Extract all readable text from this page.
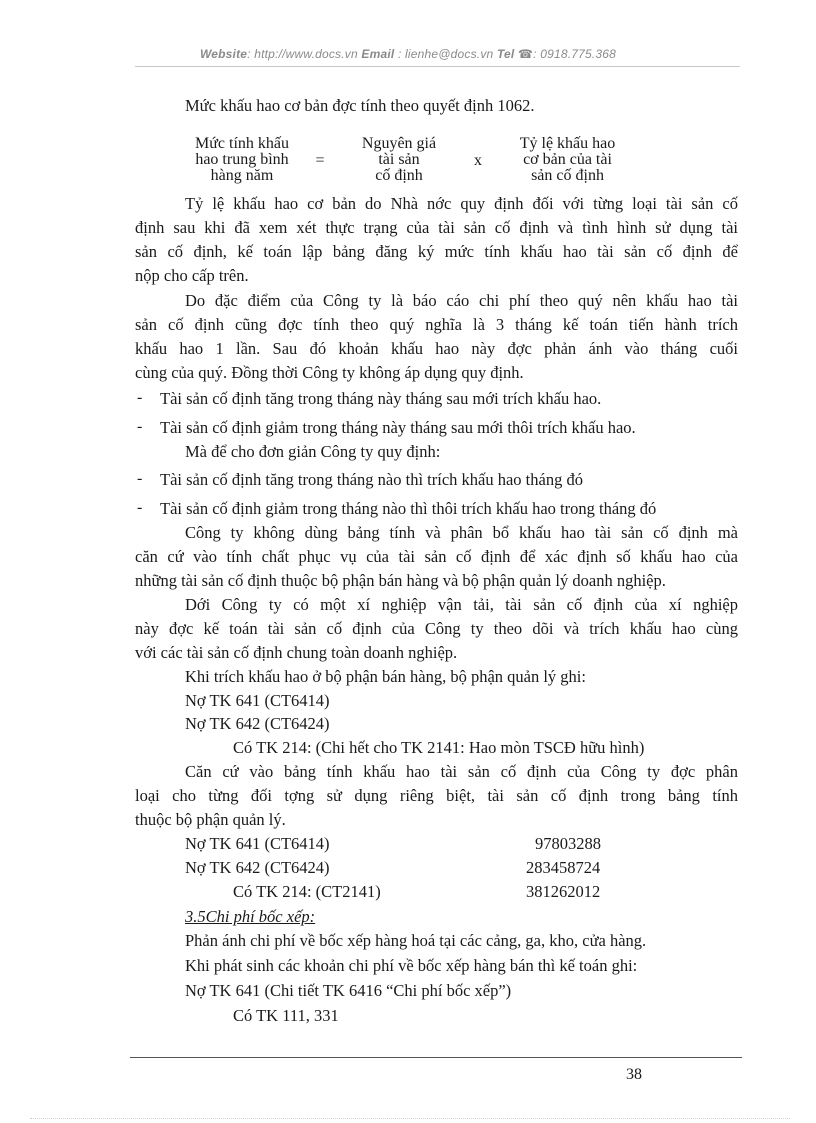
Website: http://www.docs.vn Email : lienhe@docs.vn Tel ☎: 0918.775.368
Mức khấu hao cơ bản đợc tính theo quyết định 1062.
Mức tính khấu
hao trung bình
hàng năm
=
Nguyên giá
tài sản
cố định
x
Tỷ lệ khấu hao
cơ bản của tài
sản cố định
Tỷ lệ khấu hao cơ bản do Nhà nớc quy định đối với từng loại tài sản cố
định sau khi đã xem xét thực trạng của tài sản cố định và tình hình sử dụng tài
sản cố định, kế toán lập bảng đăng ký mức tính khấu hao tài sản cố định để
nộp cho cấp trên.
Do đặc điểm của Công ty là báo cáo chi phí theo quý nên khấu hao tài
sản cố định cũng đợc tính theo quý nghĩa là 3 tháng kế toán tiến hành trích
khấu hao 1 lần. Sau đó khoản khấu hao này đợc phản ánh vào tháng cuối
cùng của quý. Đồng thời Công ty không áp dụng quy định.
- Tài sản cố định tăng trong tháng này tháng sau mới trích khấu hao.
- Tài sản cố định giảm trong tháng này tháng sau mới thôi trích khấu hao.
Mà để cho đơn giản Công ty quy định:
- Tài sản cố định tăng trong tháng nào thì trích khấu hao tháng đó
- Tài sản cố định giảm trong tháng nào thì thôi trích khấu hao trong tháng đó
Công ty không dùng bảng tính và phân bổ khấu hao tài sản cố định mà
căn cứ vào tính chất phục vụ của tài sản cố định để xác định số khấu hao của
những tài sản cố định thuộc bộ phận bán hàng và bộ phận quản lý doanh nghiệp.
Dới Công ty có một xí nghiệp vận tải, tài sản cố định của xí nghiệp
này đợc kế toán tài sản cố định của Công ty theo dõi và trích khấu hao cùng
với các tài sản cố định chung toàn doanh nghiệp.
Khi trích khấu hao ở bộ phận bán hàng, bộ phận quản lý ghi:
Nợ TK 641 (CT6414)
Nợ TK 642 (CT6424)
Có TK 214: (Chi hết cho TK 2141: Hao mòn TSCĐ hữu hình)
Căn cứ vào bảng tính khấu hao tài sản cố định của Công ty đợc phân
loại cho từng đối tợng sử dụng riêng biệt, tài sản cố định trong bảng tính
thuộc bộ phận quản lý.
Nợ TK 641 (CT6414)	97803288
Nợ TK 642 (CT6424)	283458724
Có TK 214: (CT2141)	381262012
3.5Chi phí bốc xếp:
Phản ánh chi phí về bốc xếp hàng hoá tại các cảng, ga, kho, cửa hàng.
Khi phát sinh các khoản chi phí về bốc xếp hàng bán thì kế toán ghi:
Nợ TK 641 (Chi tiết TK 6416 “Chi phí bốc xếp”)
Có TK 111, 331
38
